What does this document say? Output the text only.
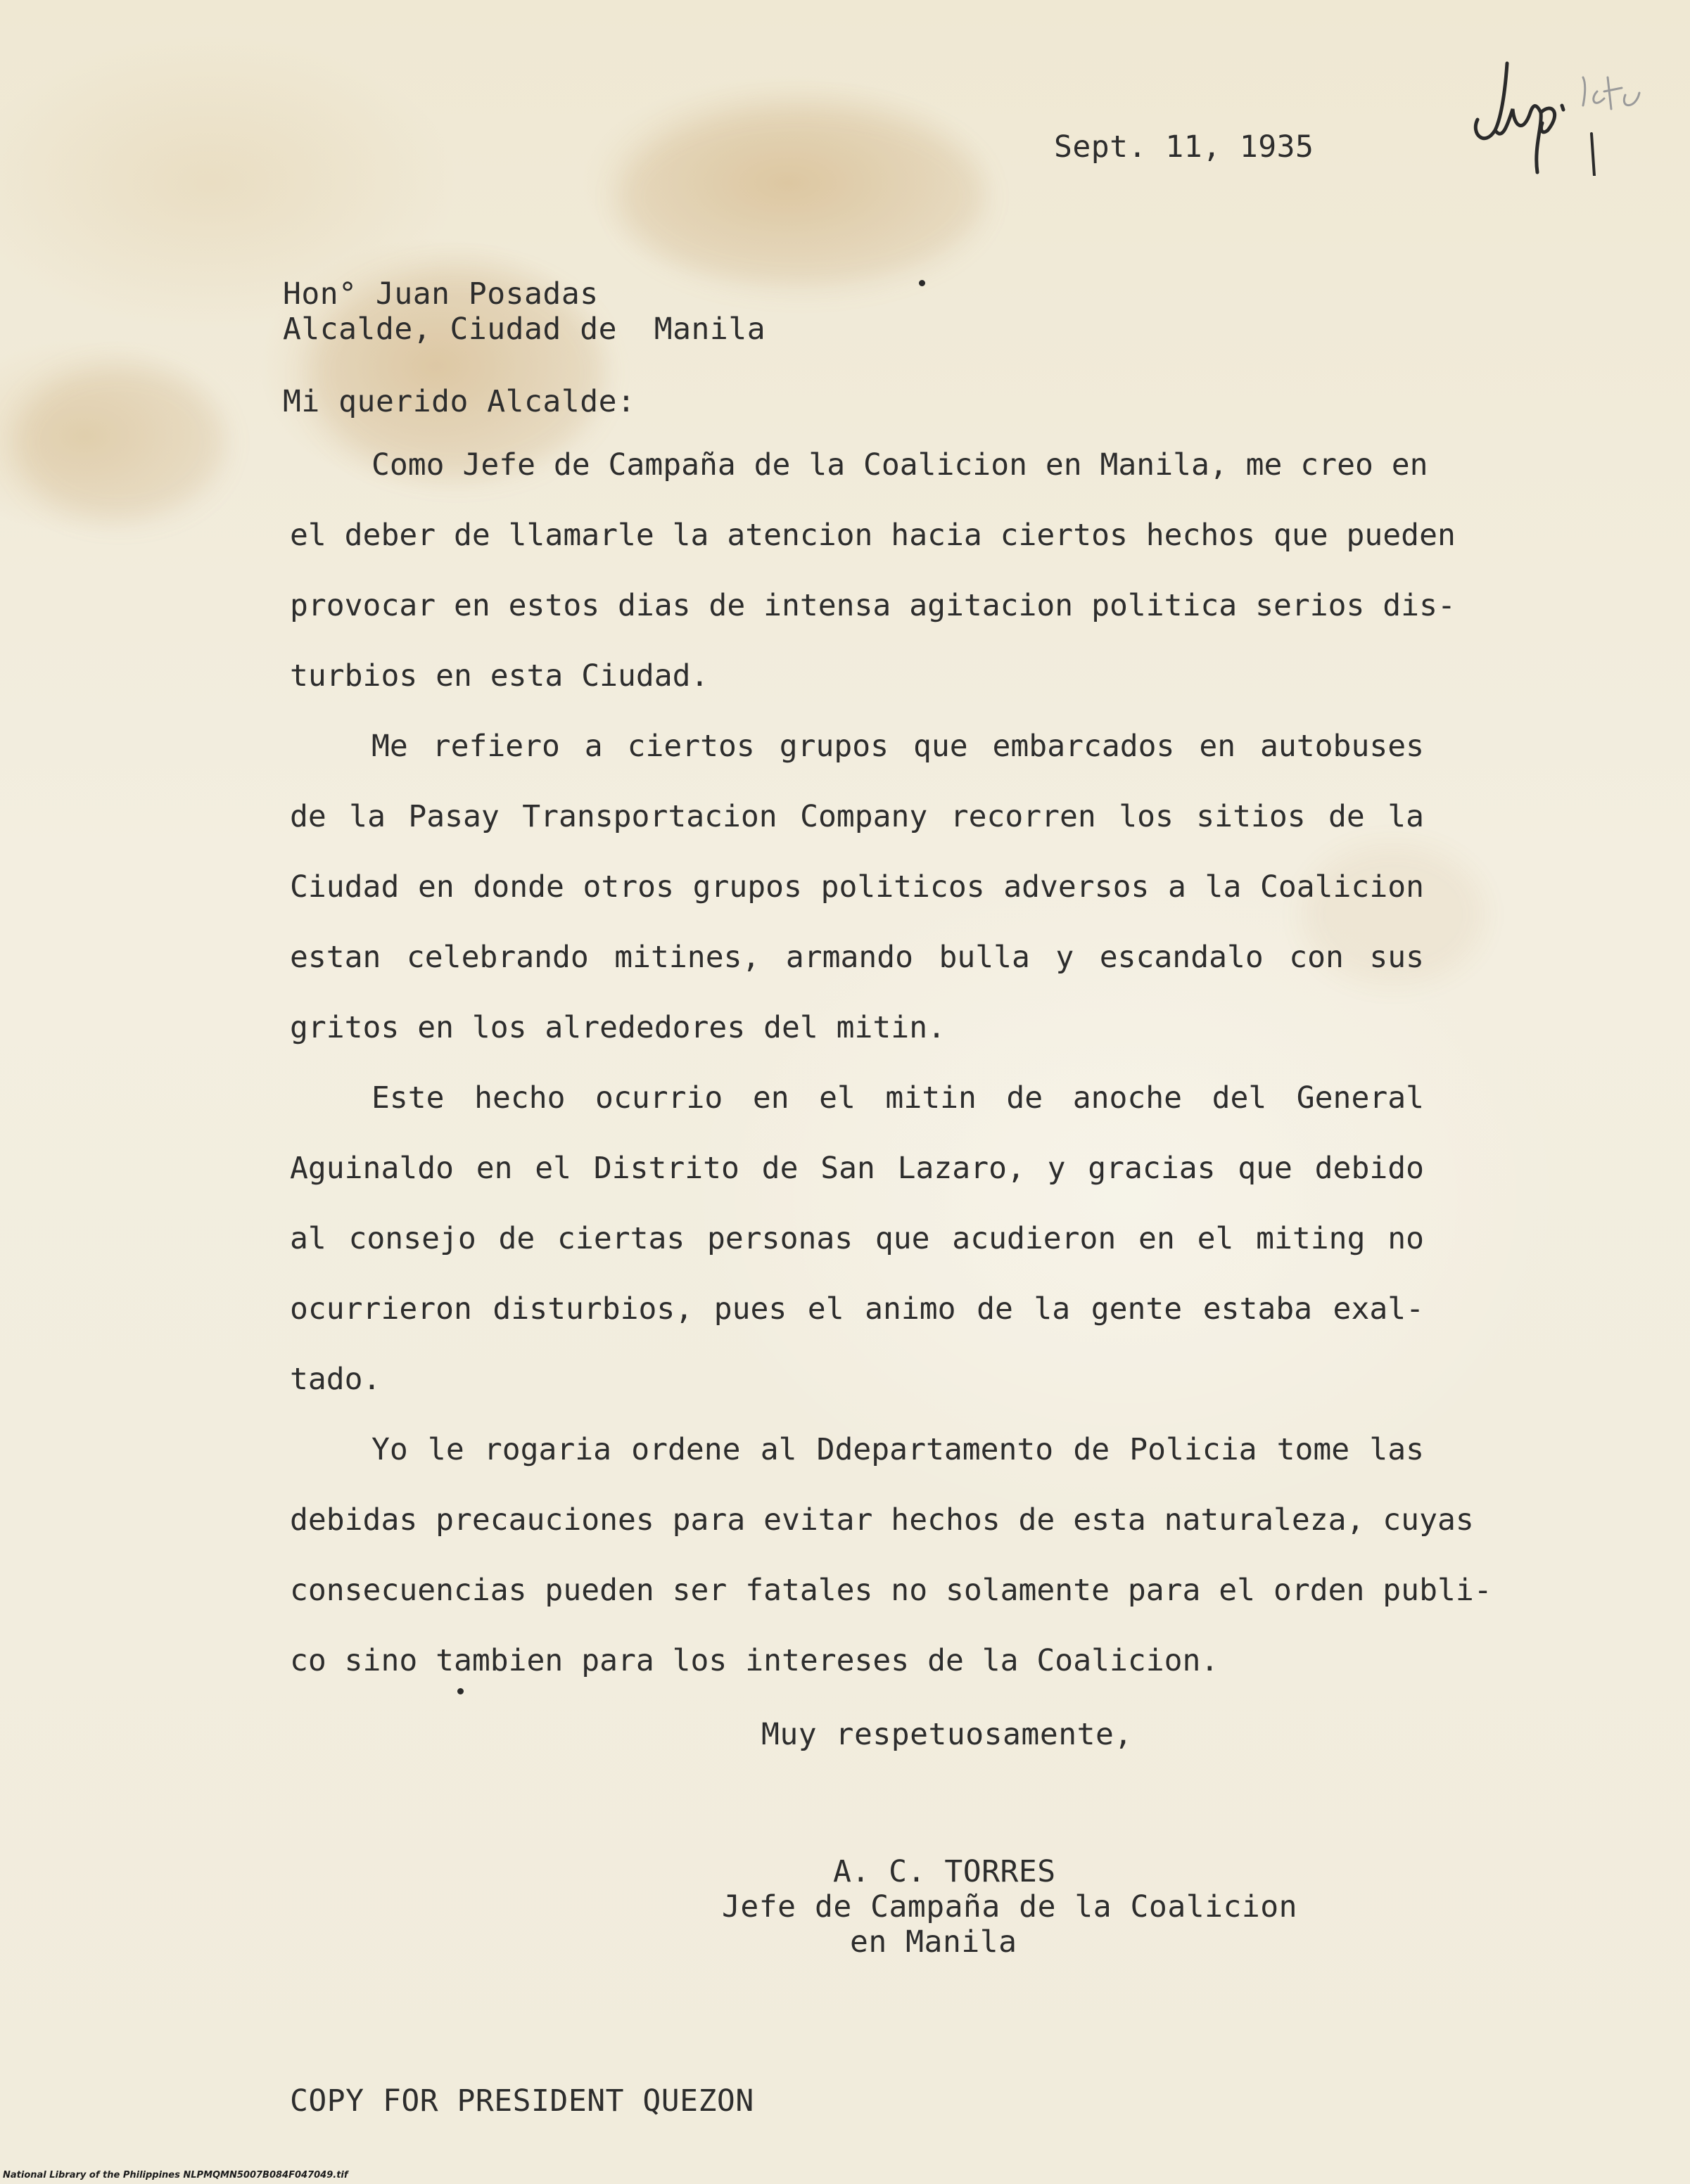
Sept. 11, 1935
Hon° Juan Posadas
Alcalde, Ciudad de  Manila
Mi querido Alcalde:
Como Jefe de Campaña de la Coalicion en Manila, me creo en
el deber de llamarle la atencion hacia ciertos hechos que pueden
provocar en estos dias de intensa agitacion politica serios dis-
turbios en esta Ciudad.
Me refiero a ciertos grupos que embarcados en autobuses
de la Pasay Transportacion Company recorren los sitios de la
Ciudad en donde otros grupos politicos adversos a la Coalicion
estan celebrando mitines, armando bulla y escandalo con sus
gritos en los alrededores del mitin.
Este hecho ocurrio en el mitin de anoche del General
Aguinaldo en el Distrito de San Lazaro, y gracias que debido
al consejo de ciertas personas que acudieron en el miting no
ocurrieron disturbios, pues el animo de la gente estaba exal-
tado.
Yo le rogaria ordene al Ddepartamento de Policia tome las
debidas precauciones para evitar hechos de esta naturaleza, cuyas
consecuencias pueden ser fatales no solamente para el orden publi-
co sino tambien para los intereses de la Coalicion.
Muy respetuosamente,
A. C. TORRES
Jefe de Campaña de la Coalicion
en Manila
COPY FOR PRESIDENT QUEZON
National Library of the Philippines NLPMQMN5007B084F047049.tif
